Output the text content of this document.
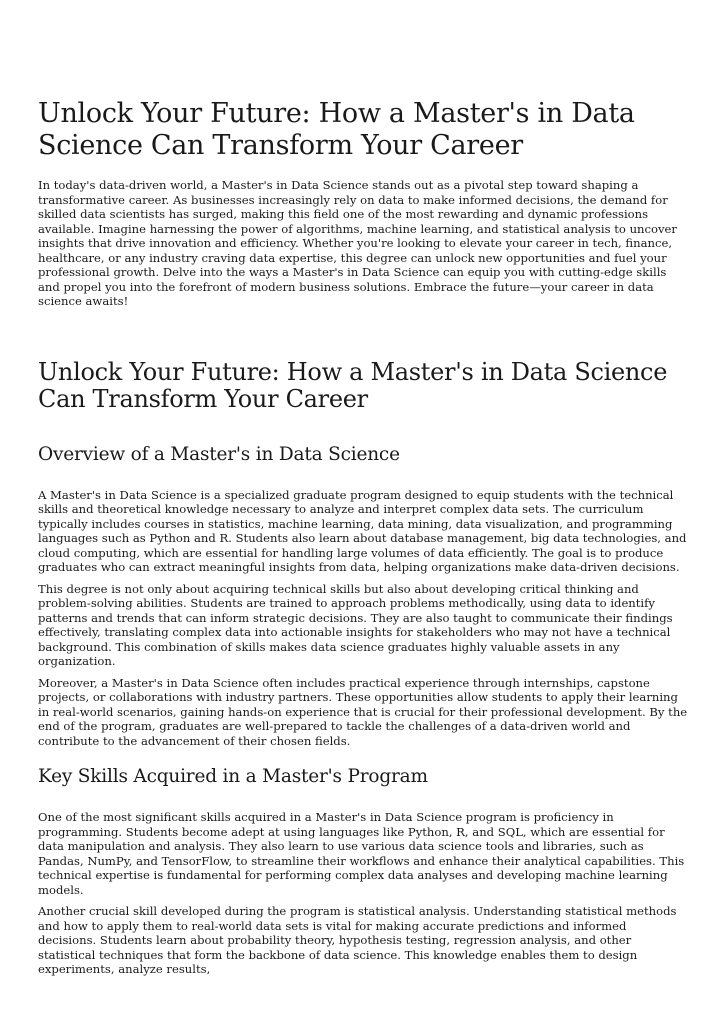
Unlock Your Future: How a Master's in Data Science Can Transform Your Career

In today's data-driven world, a Master's in Data Science stands out as a pivotal step toward shaping a transformative career. As businesses increasingly rely on data to make informed decisions, the demand for skilled data scientists has surged, making this field one of the most rewarding and dynamic professions available. Imagine harnessing the power of algorithms, machine learning, and statistical analysis to uncover insights that drive innovation and efficiency. Whether you're looking to elevate your career in tech, finance, healthcare, or any industry craving data expertise, this degree can unlock new opportunities and fuel your professional growth. Delve into the ways a Master's in Data Science can equip you with cutting-edge skills and propel you into the forefront of modern business solutions. Embrace the future—your career in data science awaits!

Unlock Your Future: How a Master's in Data Science Can Transform Your Career
Overview of a Master's in Data Science

A Master's in Data Science is a specialized graduate program designed to equip students with the technical skills and theoretical knowledge necessary to analyze and interpret complex data sets. The curriculum typically includes courses in statistics, machine learning, data mining, data visualization, and programming languages such as Python and R. Students also learn about database management, big data technologies, and cloud computing, which are essential for handling large volumes of data efficiently. The goal is to produce graduates who can extract meaningful insights from data, helping organizations make data-driven decisions.

This degree is not only about acquiring technical skills but also about developing critical thinking and problem-solving abilities. Students are trained to approach problems methodically, using data to identify patterns and trends that can inform strategic decisions. They are also taught to communicate their findings effectively, translating complex data into actionable insights for stakeholders who may not have a technical background. This combination of skills makes data science graduates highly valuable assets in any organization.

Moreover, a Master's in Data Science often includes practical experience through internships, capstone projects, or collaborations with industry partners. These opportunities allow students to apply their learning in real-world scenarios, gaining hands-on experience that is crucial for their professional development. By the end of the program, graduates are well-prepared to tackle the challenges of a data-driven world and contribute to the advancement of their chosen fields.

Key Skills Acquired in a Master's Program

One of the most significant skills acquired in a Master's in Data Science program is proficiency in programming. Students become adept at using languages like Python, R, and SQL, which are essential for data manipulation and analysis. They also learn to use various data science tools and libraries, such as Pandas, NumPy, and TensorFlow, to streamline their workflows and enhance their analytical capabilities. This technical expertise is fundamental for performing complex data analyses and developing machine learning models.

Another crucial skill developed during the program is statistical analysis. Understanding statistical methods and how to apply them to real-world data sets is vital for making accurate predictions and informed decisions. Students learn about probability theory, hypothesis testing, regression analysis, and other statistical techniques that form the backbone of data science. This knowledge enables them to design experiments, analyze results,
